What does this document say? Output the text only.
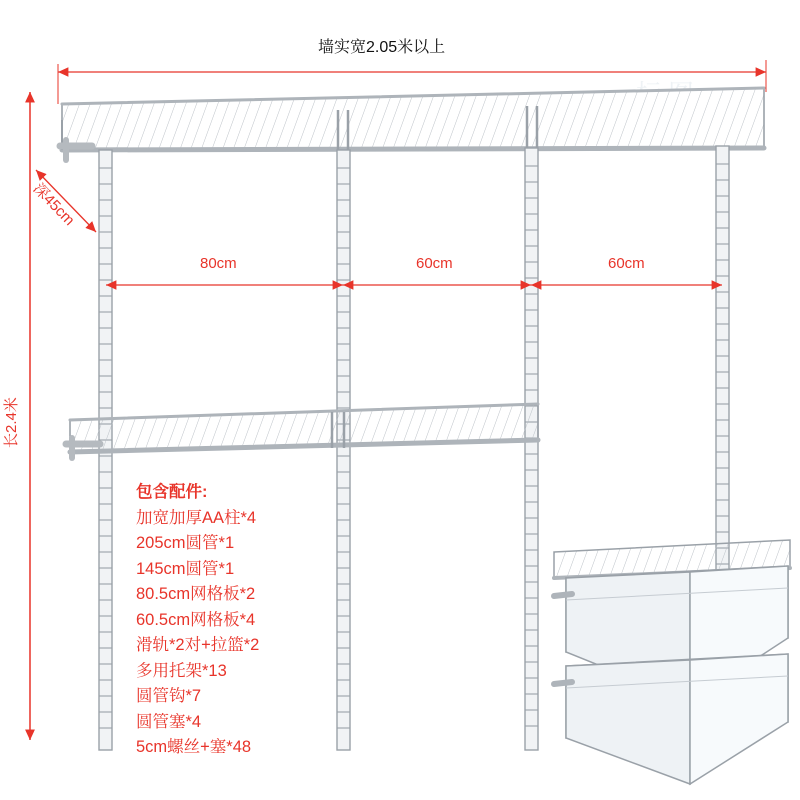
墙实宽2.05米以上
80cm	60cm	60cm
长2.4米
深45cm
包含配件:
加宽加厚AA柱*4
205cm圆管*1
145cm圆管*1
80.5cm网格板*2
60.5cm网格板*4
滑轨*2对+拉篮*2
多用托架*13
圆管钩*7
圆管塞*4
5cm螺丝+塞*48
